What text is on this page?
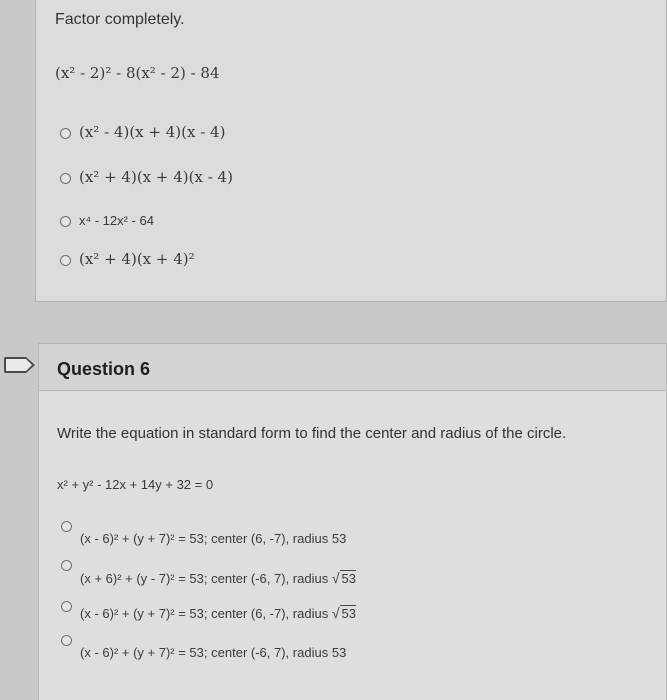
Factor completely.
(x² - 2)² - 8(x² - 2) - 84
(x² - 4)(x + 4)(x - 4)
(x² + 4)(x + 4)(x - 4)
x⁴ - 12x² - 64
(x² + 4)(x + 4)²
Question 6
Write the equation in standard form to find the center and radius of the circle.
x² + y² - 12x + 14y + 32 = 0
(x - 6)² + (y + 7)² = 53; center (6, -7), radius 53
(x + 6)² + (y - 7)² = 53; center (-6, 7), radius √ 53
(x - 6)² + (y + 7)² = 53; center (6, -7), radius √ 53
(x - 6)² + (y + 7)² = 53; center (-6, 7), radius 53
